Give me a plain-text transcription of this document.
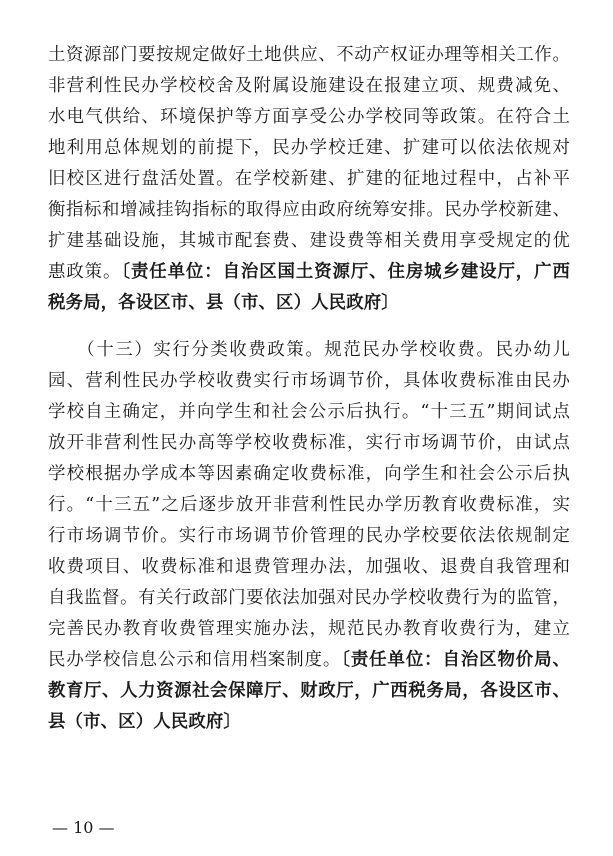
土资源部门要按规定做好土地供应、不动产权证办理等相关工作。
非营利性民办学校校舍及附属设施建设在报建立项、规费减免、
水电气供给、环境保护等方面享受公办学校同等政策。在符合土
地利用总体规划的前提下，民办学校迁建、扩建可以依法依规对
旧校区进行盘活处置。在学校新建、扩建的征地过程中，占补平
衡指标和增减挂钩指标的取得应由政府统筹安排。民办学校新建、
扩建基础设施，其城市配套费、建设费等相关费用享受规定的优
惠政策。〔责任单位：自治区国土资源厅、住房城乡建设厅，广西
税务局，各设区市、县（市、区）人民政府〕
　　（十三）实行分类收费政策。规范民办学校收费。民办幼儿
园、营利性民办学校收费实行市场调节价，具体收费标准由民办
学校自主确定，并向学生和社会公示后执行。“十三五”期间试点
放开非营利性民办高等学校收费标准，实行市场调节价，由试点
学校根据办学成本等因素确定收费标准，向学生和社会公示后执
行。“十三五”之后逐步放开非营利性民办学历教育收费标准，实
行市场调节价。实行市场调节价管理的民办学校要依法依规制定
收费项目、收费标准和退费管理办法，加强收、退费自我管理和
自我监督。有关行政部门要依法加强对民办学校收费行为的监管，
完善民办教育收费管理实施办法，规范民办教育收费行为，建立
民办学校信息公示和信用档案制度。〔责任单位：自治区物价局、
教育厅、人力资源社会保障厅、财政厅，广西税务局，各设区市、
县（市、区）人民政府〕
— 10 —
